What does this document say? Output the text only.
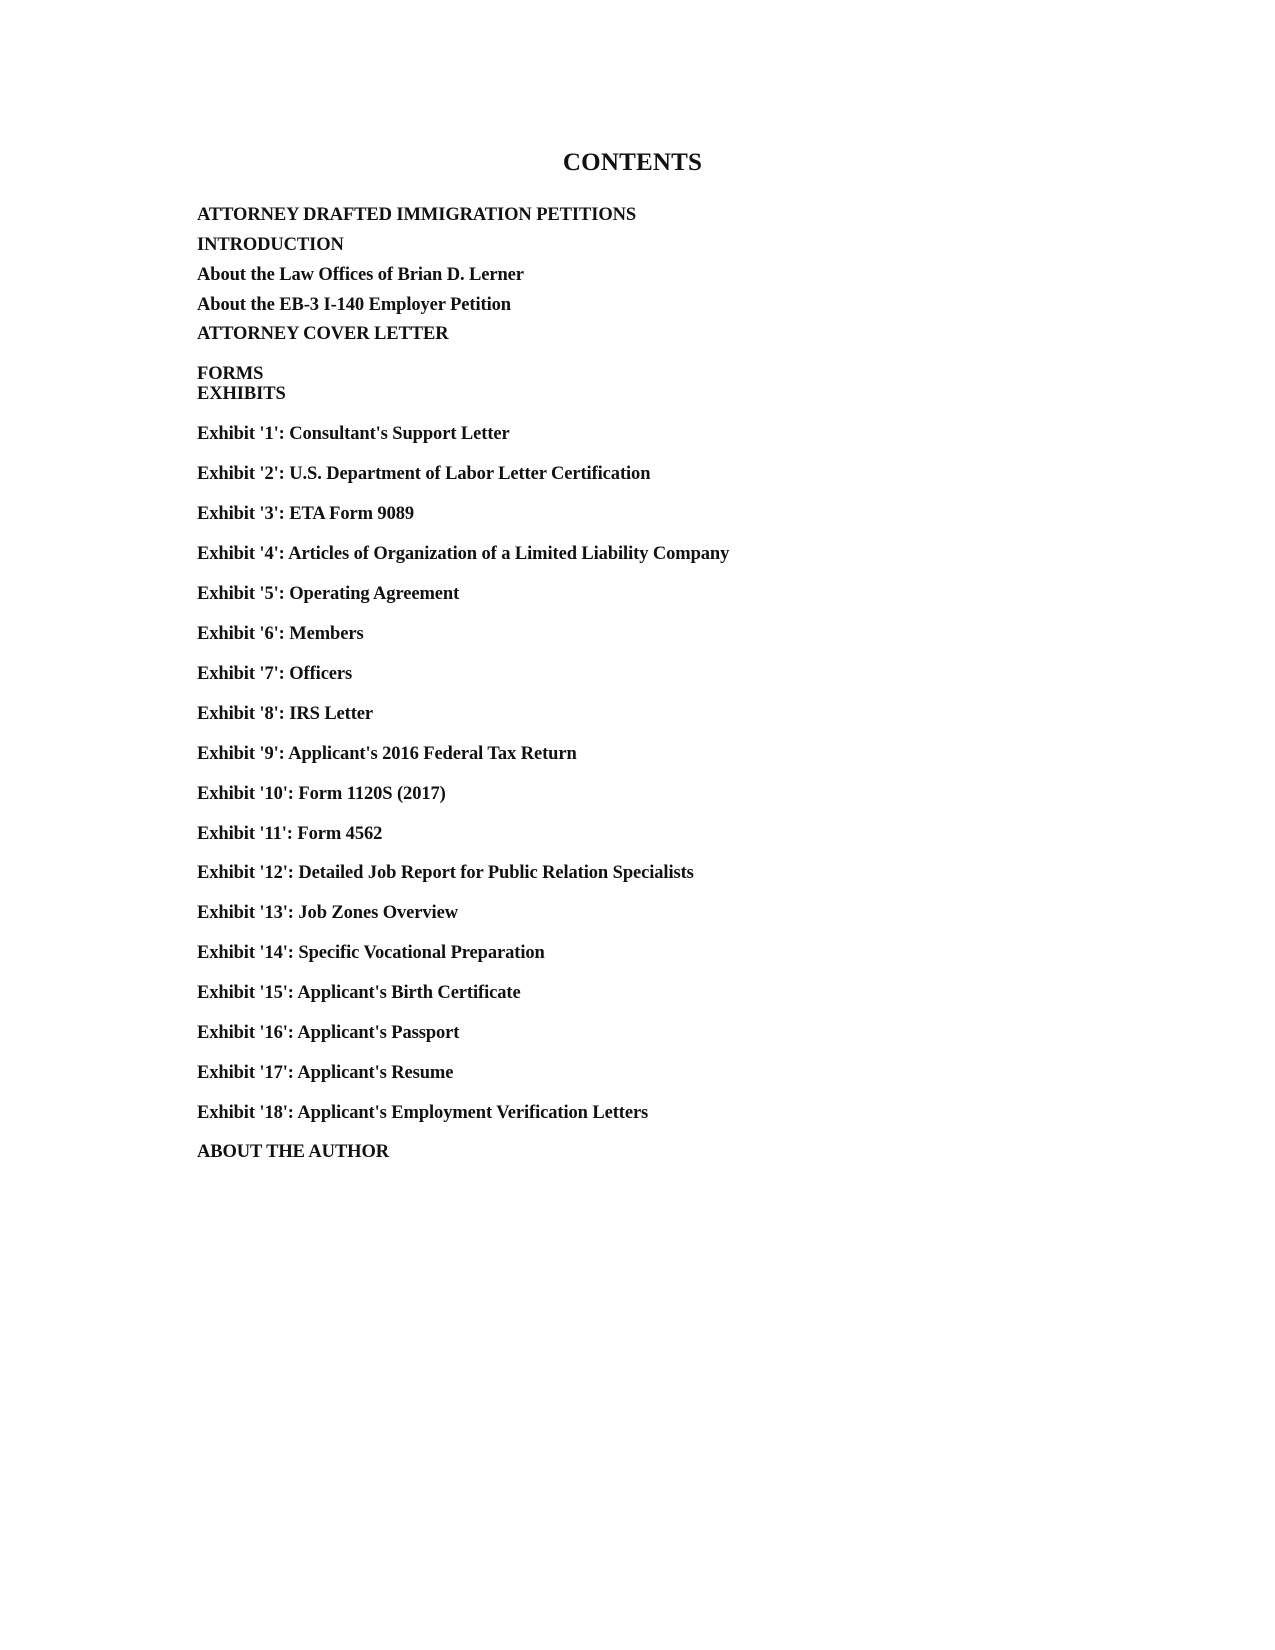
CONTENTS
ATTORNEY DRAFTED IMMIGRATION PETITIONS
INTRODUCTION
About the Law Offices of Brian D. Lerner
About the EB-3 I-140 Employer Petition
ATTORNEY COVER LETTER
FORMS
EXHIBITS
Exhibit '1': Consultant's Support Letter
Exhibit '2': U.S. Department of Labor Letter Certification
Exhibit '3': ETA Form 9089
Exhibit '4': Articles of Organization of a Limited Liability Company
Exhibit '5': Operating Agreement
Exhibit '6': Members
Exhibit '7': Officers
Exhibit '8': IRS Letter
Exhibit '9': Applicant's 2016 Federal Tax Return
Exhibit '10': Form 1120S (2017)
Exhibit '11': Form 4562
Exhibit '12': Detailed Job Report for Public Relation Specialists
Exhibit '13': Job Zones Overview
Exhibit '14': Specific Vocational Preparation
Exhibit '15': Applicant's Birth Certificate
Exhibit '16': Applicant's Passport
Exhibit '17': Applicant's Resume
Exhibit '18': Applicant's Employment Verification Letters
ABOUT THE AUTHOR
